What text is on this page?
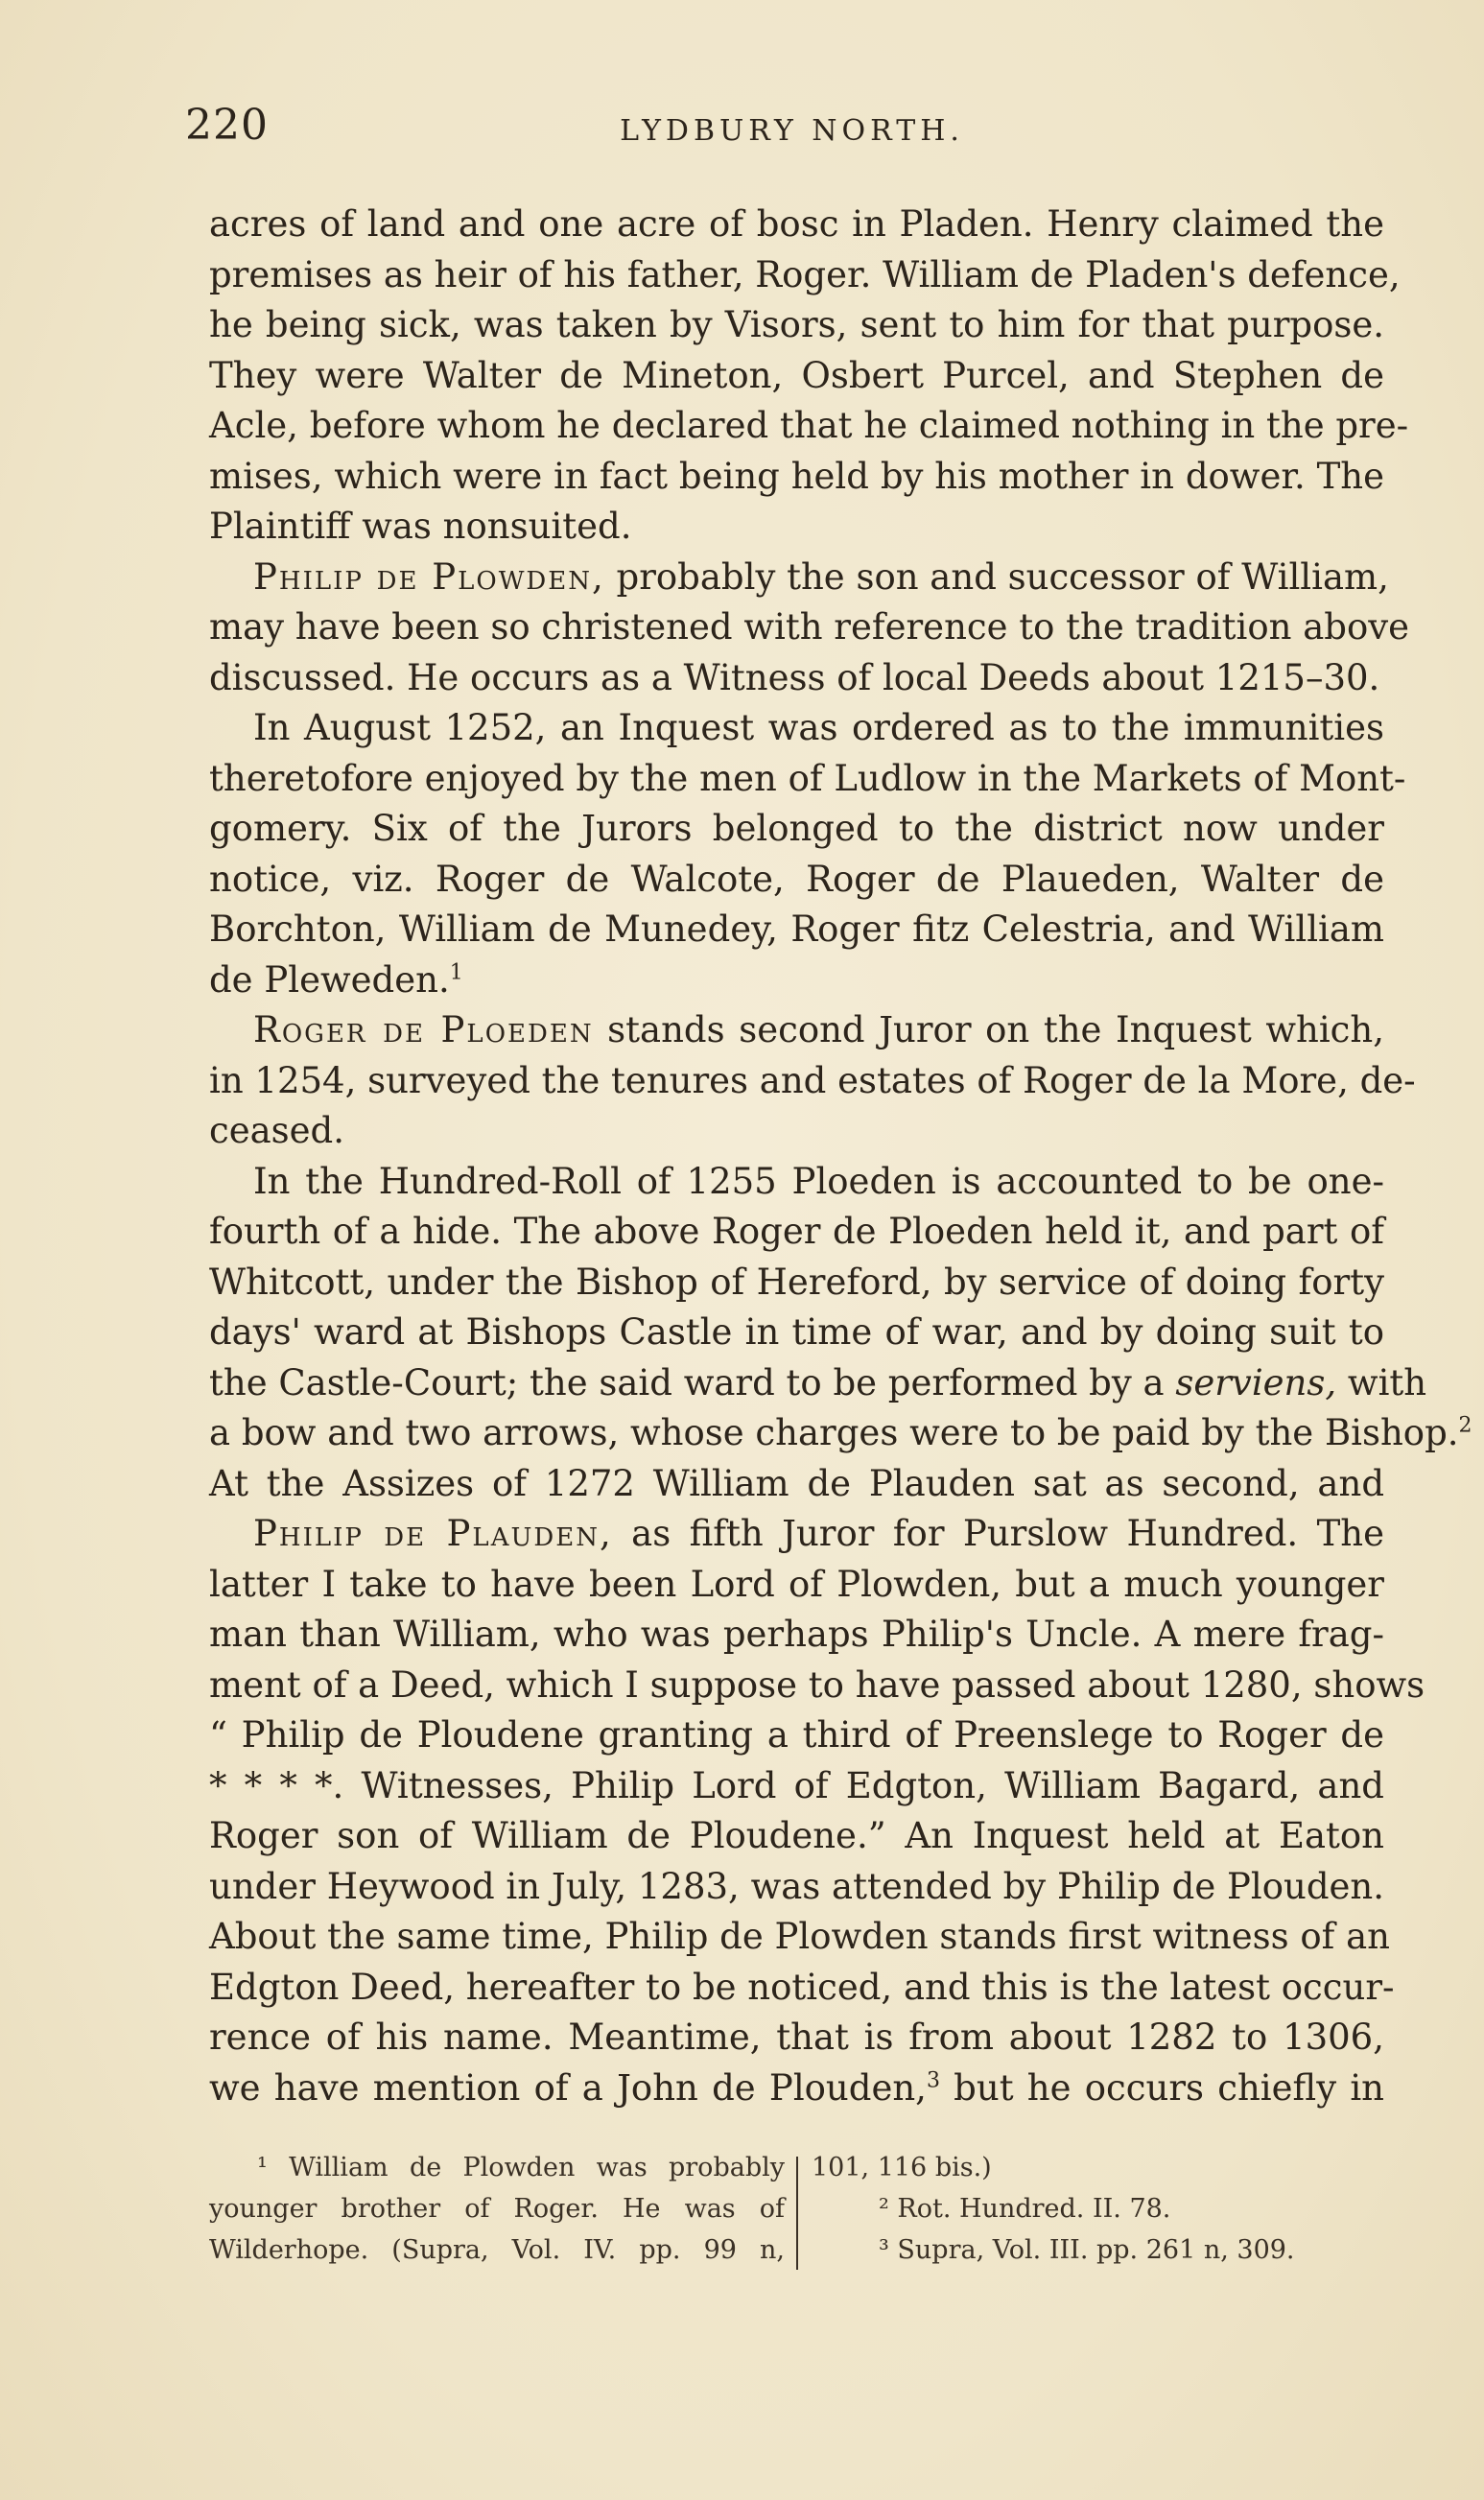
220	LYDBURY NORTH.
acres of land and one acre of bosc in Pladen. Henry claimed the
premises as heir of his father, Roger. William de Pladen's defence,
he being sick, was taken by Visors, sent to him for that purpose.
They were Walter de Mineton, Osbert Purcel, and Stephen de
Acle, before whom he declared that he claimed nothing in the pre-
mises, which were in fact being held by his mother in dower. The
Plaintiff was nonsuited.
Philip de Plowden, probably the son and successor of William,
may have been so christened with reference to the tradition above
discussed. He occurs as a Witness of local Deeds about 1215–30.
In August 1252, an Inquest was ordered as to the immunities
theretofore enjoyed by the men of Ludlow in the Markets of Mont-
gomery. Six of the Jurors belonged to the district now under
notice, viz. Roger de Walcote, Roger de Plaueden, Walter de
Borchton, William de Munedey, Roger fitz Celestria, and William
de Pleweden.$^1$
Roger de Ploeden stands second Juror on the Inquest which,
in 1254, surveyed the tenures and estates of Roger de la More, de-
ceased.
In the Hundred-Roll of 1255 Ploeden is accounted to be one-
fourth of a hide. The above Roger de Ploeden held it, and part of
Whitcott, under the Bishop of Hereford, by service of doing forty
days' ward at Bishops Castle in time of war, and by doing suit to
the Castle-Court; the said ward to be performed by a serviens, with
a bow and two arrows, whose charges were to be paid by the Bishop.$^2$
At the Assizes of 1272 William de Plauden sat as second, and
Philip de Plauden, as fifth Juror for Purslow Hundred. The
latter I take to have been Lord of Plowden, but a much younger
man than William, who was perhaps Philip's Uncle. A mere frag-
ment of a Deed, which I suppose to have passed about 1280, shows
“ Philip de Ploudene granting a third of Preenslege to Roger de
* * * *. Witnesses, Philip Lord of Edgton, William Bagard, and
Roger son of William de Ploudene.” An Inquest held at Eaton
under Heywood in July, 1283, was attended by Philip de Plouden.
About the same time, Philip de Plowden stands first witness of an
Edgton Deed, hereafter to be noticed, and this is the latest occur-
rence of his name. Meantime, that is from about 1282 to 1306,
we have mention of a John de Plouden,$^3$ but he occurs chiefly in
¹ William de Plowden was probably
younger brother of Roger. He was of
Wilderhope. (Supra, Vol. IV. pp. 99 n,
101, 116 bis.)
² Rot. Hundred. II. 78.
³ Supra, Vol. III. pp. 261 n, 309.
